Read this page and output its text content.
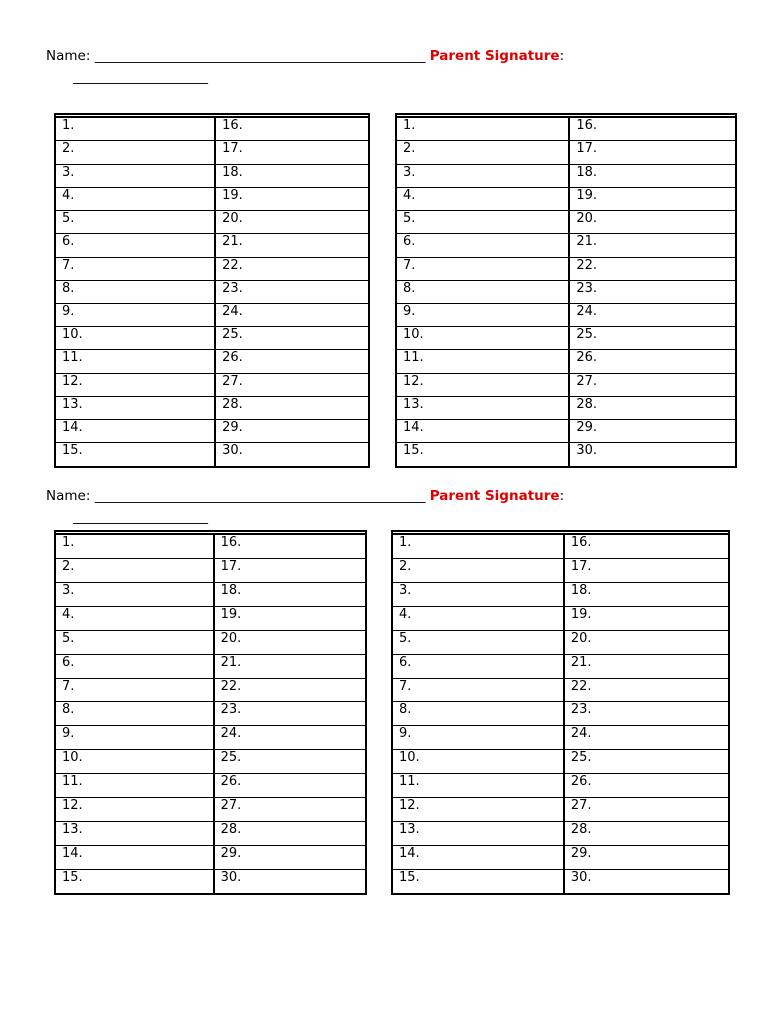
Name: _________________________________________________ Parent Signature:
____________________

1.	16.
2.	17.
3.	18.
4.	19.
5.	20.
6.	21.
7.	22.
8.	23.
9.	24.
10.	25.
11.	26.
12.	27.
13.	28.
14.	29.
15.	30.

1.	16.
2.	17.
3.	18.
4.	19.
5.	20.
6.	21.
7.	22.
8.	23.
9.	24.
10.	25.
11.	26.
12.	27.
13.	28.
14.	29.
15.	30.
Name: _________________________________________________ Parent Signature:
____________________

1.	16.
2.	17.
3.	18.
4.	19.
5.	20.
6.	21.
7.	22.
8.	23.
9.	24.
10.	25.
11.	26.
12.	27.
13.	28.
14.	29.
15.	30.

1.	16.
2.	17.
3.	18.
4.	19.
5.	20.
6.	21.
7.	22.
8.	23.
9.	24.
10.	25.
11.	26.
12.	27.
13.	28.
14.	29.
15.	30.
